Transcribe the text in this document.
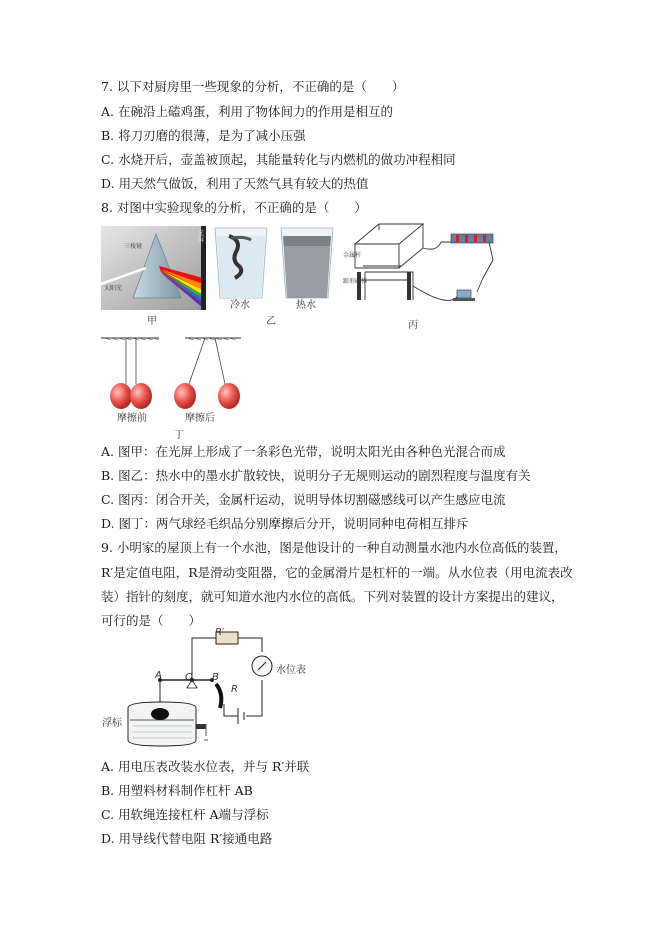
7. 以下对厨房里一些现象的分析，不正确的是（　　）
A. 在碗沿上磕鸡蛋，利用了物体间力的作用是相互的
B. 将刀刃磨的很薄，是为了减小压强
C. 水烧开后，壶盖被顶起，其能量转化与内燃机的做功冲程相同
D. 用天然气做饭，利用了天然气具有较大的热值
8. 对图中实验现象的分析，不正确的是（　　）
三棱镜
太阳光
光屏
甲
冷水	热水
乙
金属杆
蹄形磁体
丙
摩擦前	摩擦后
丁
A. 图甲：在光屏上形成了一条彩色光带，说明太阳光由各种色光混合而成
B. 图乙：热水中的墨水扩散较快，说明分子无规则运动的剧烈程度与温度有关
C. 图丙：闭合开关，金属杆运动，说明导体切割磁感线可以产生感应电流
D. 图丁：两气球经毛织品分别摩擦后分开，说明同种电荷相互排斥
9. 小明家的屋顶上有一个水池，图是他设计的一种自动测量水池内水位高低的装置，
R′是定值电阻，R是滑动变阻器，它的金属滑片是杠杆的一端。从水位表（用电流表改
装）指针的刻度，就可知道水池内水位的高低。下列对装置的设计方案提出的建议，
可行的是（　　）
R′
水位表
A O B
R
浮标
A. 用电压表改装水位表，并与 R′并联
B. 用塑料材料制作杠杆 AB
C. 用软绳连接杠杆 A端与浮标
D. 用导线代替电阻 R′接通电路
